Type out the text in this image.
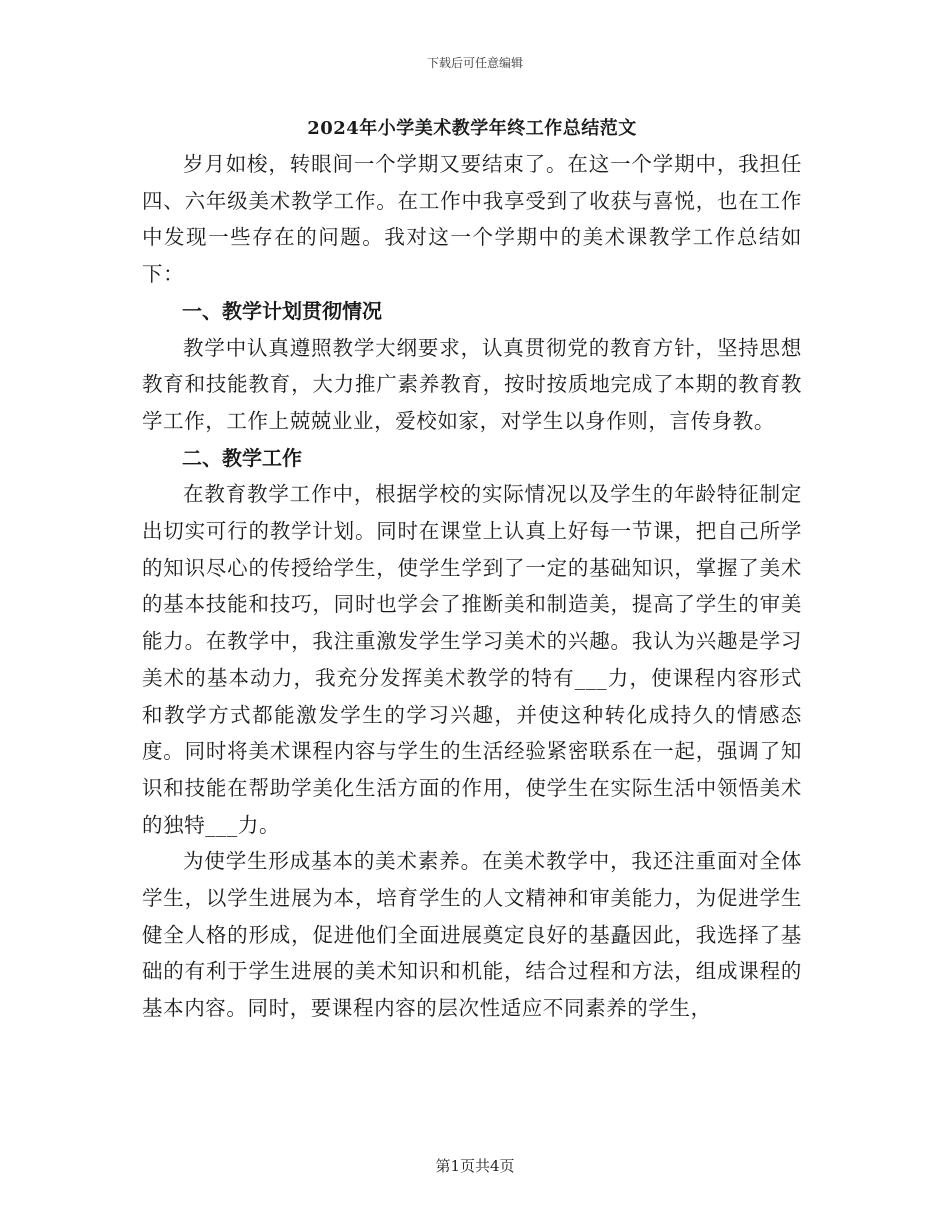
下载后可任意编辑
2024年小学美术教学年终工作总结范文

岁月如梭，转眼间一个学期又要结束了。在这一个学期中，我担任四、六年级美术教学工作。在工作中我享受到了收获与喜悦，也在工作中发现一些存在的问题。我对这一个学期中的美术课教学工作总结如下：

一、教学计划贯彻情况

教学中认真遵照教学大纲要求，认真贯彻党的教育方针，坚持思想教育和技能教育，大力推广素养教育，按时按质地完成了本期的教育教学工作，工作上兢兢业业，爱校如家，对学生以身作则，言传身教。

二、教学工作

在教育教学工作中，根据学校的实际情况以及学生的年龄特征制定出切实可行的教学计划。同时在课堂上认真上好每一节课，把自己所学的知识尽心的传授给学生，使学生学到了一定的基础知识，掌握了美术的基本技能和技巧，同时也学会了推断美和制造美，提高了学生的审美能力。在教学中，我注重激发学生学习美术的兴趣。我认为兴趣是学习美术的基本动力，我充分发挥美术教学的特有___力，使课程内容形式和教学方式都能激发学生的学习兴趣，并使这种转化成持久的情感态度。同时将美术课程内容与学生的生活经验紧密联系在一起，强调了知识和技能在帮助学美化生活方面的作用，使学生在实际生活中领悟美术的独特___力。

为使学生形成基本的美术素养。在美术教学中，我还注重面对全体学生，以学生进展为本，培育学生的人文精神和审美能力，为促进学生健全人格的形成，促进他们全面进展奠定良好的基矗因此，我选择了基础的有利于学生进展的美术知识和机能，结合过程和方法，组成课程的基本内容。同时，要课程内容的层次性适应不同素养的学生，

第1页共4页
